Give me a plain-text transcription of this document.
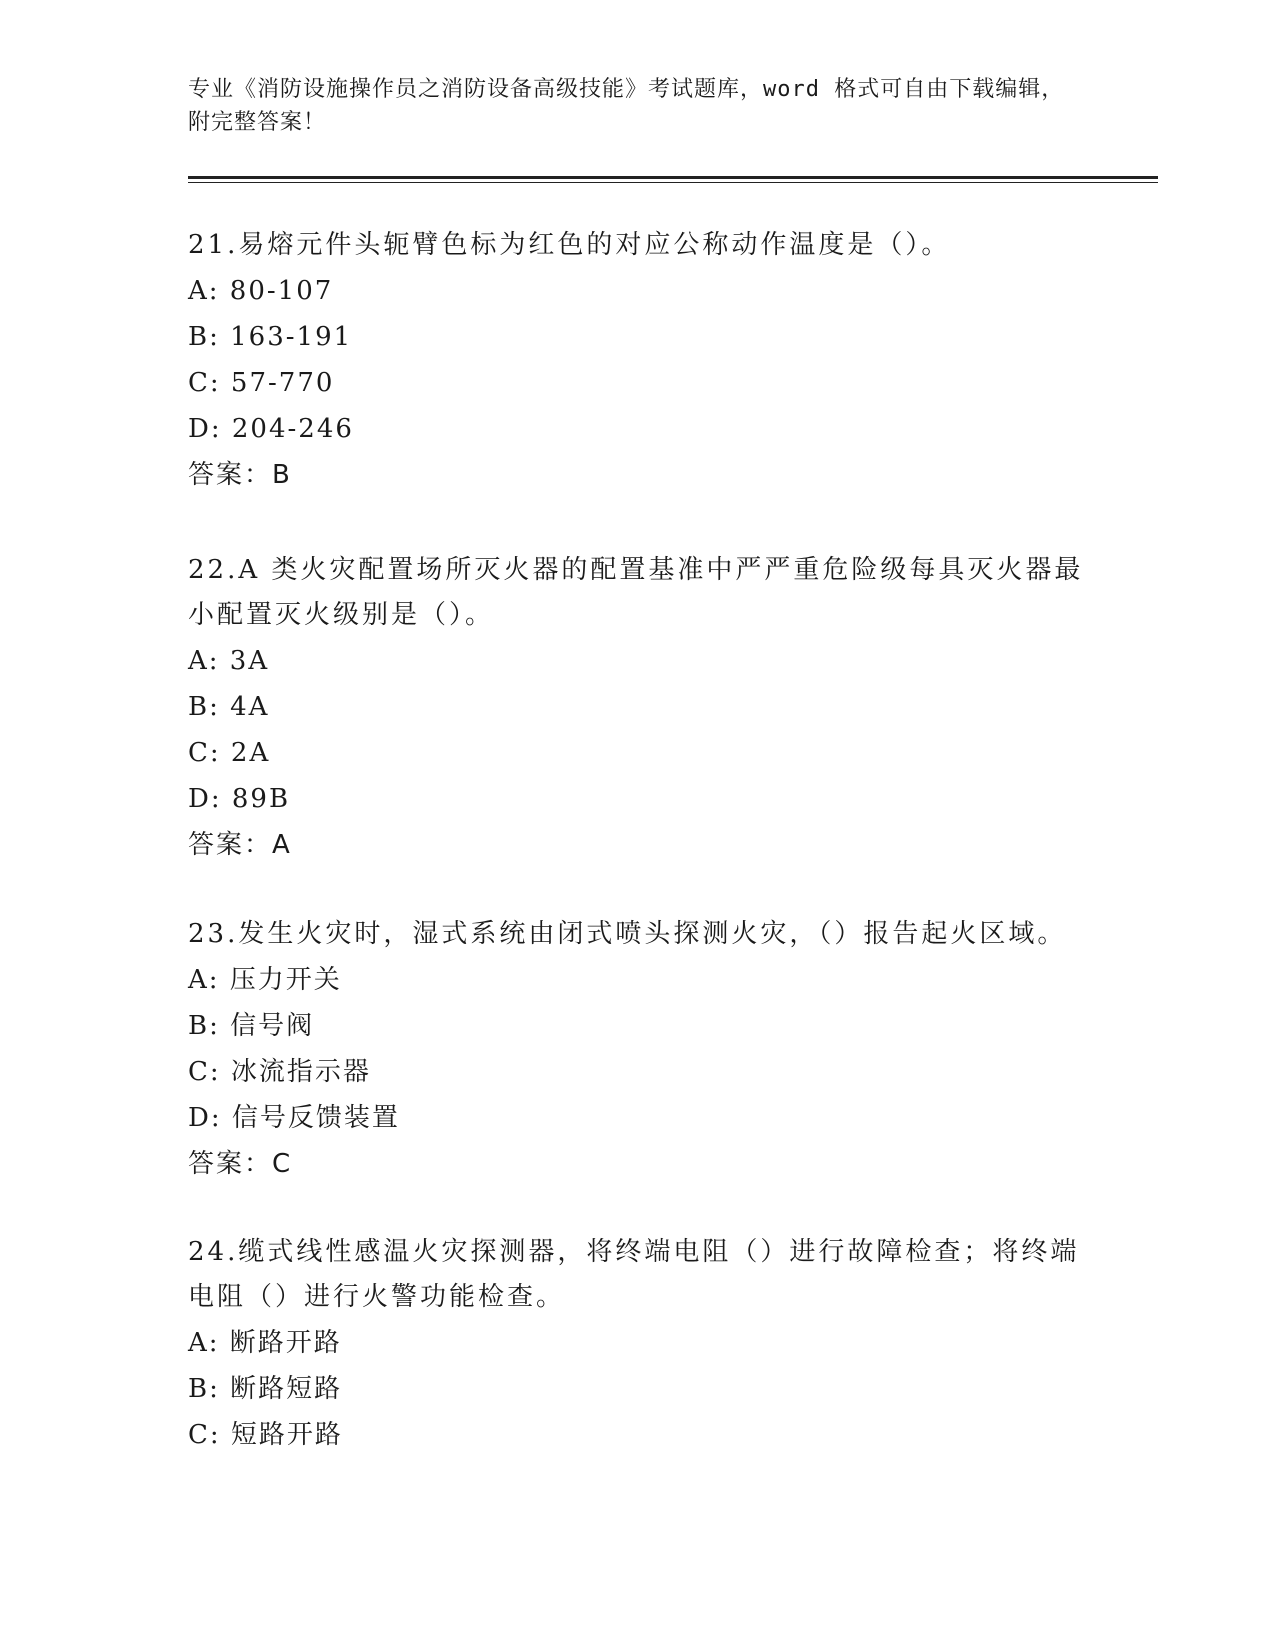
专业《消防设施操作员之消防设备高级技能》考试题库，word 格式可自由下载编辑，附完整答案！

21.易熔元件头轭臂色标为红色的对应公称动作温度是（）。

A: 80-107

B: 163-191

C: 57-770

D: 204-246

答案：B

22.A 类火灾配置场所灭火器的配置基准中严严重危险级每具灭火器最小配置灭火级别是（）。

A: 3A

B: 4A

C: 2A

D: 89B

答案：A

23.发生火灾时，湿式系统由闭式喷头探测火灾，（）报告起火区域。

A: 压力开关

B: 信号阀

C: 冰流指示器

D: 信号反馈装置

答案：C

24.缆式线性感温火灾探测器，将终端电阻（）进行故障检查；将终端电阻（）进行火警功能检查。

A: 断路开路

B: 断路短路

C: 短路开路
